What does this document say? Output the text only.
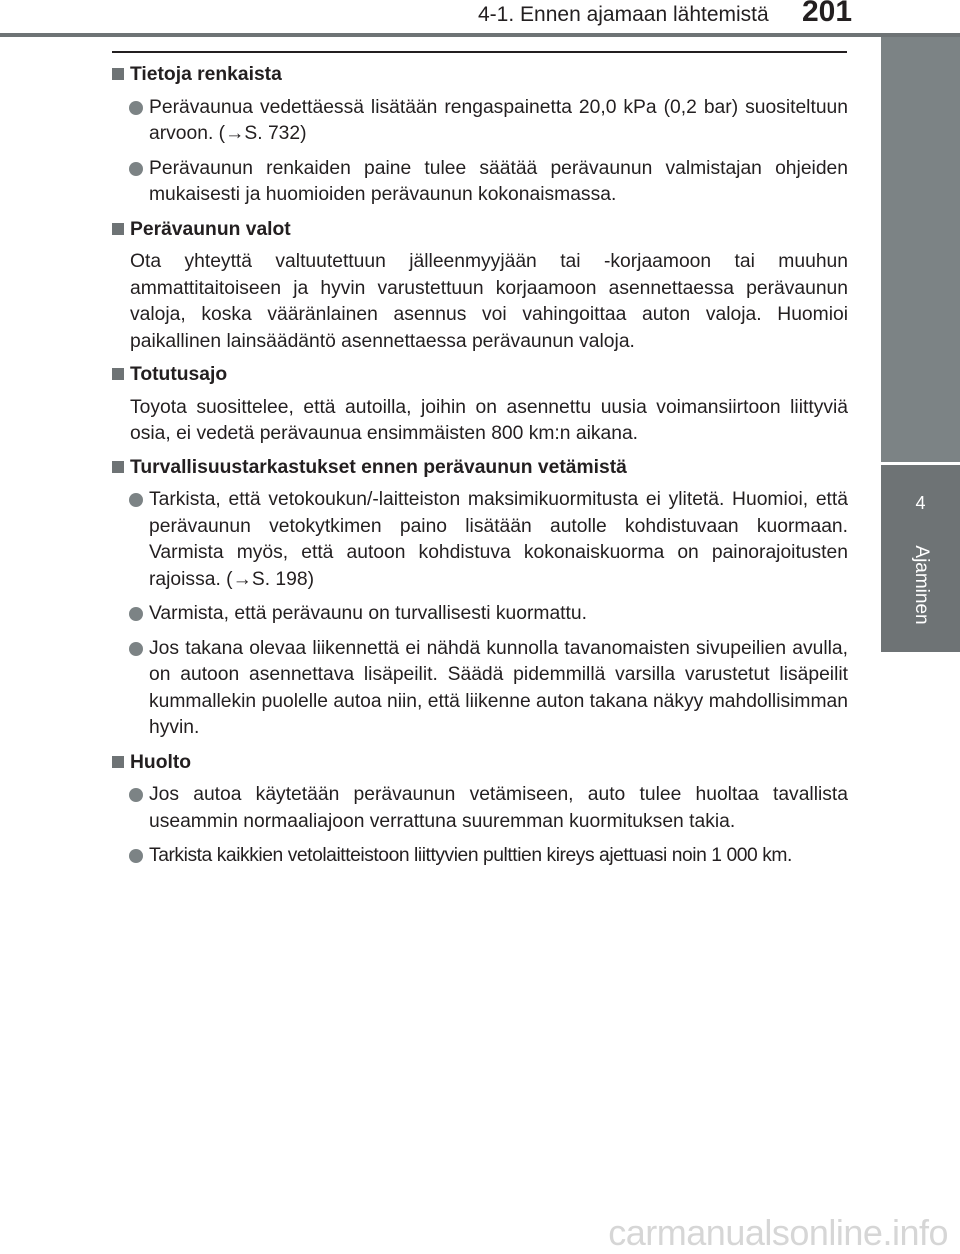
4-1. Ennen ajamaan lähtemistä 201
4
Ajaminen
Tietoja renkaista
Perävaunua vedettäessä lisätään rengaspainetta 20,0 kPa (0,2 bar) suositeltuun arvoon. (→S. 732)
Perävaunun renkaiden paine tulee säätää perävaunun valmistajan ohjeiden mukaisesti ja huomioiden perävaunun kokonaismassa.
Perävaunun valot
Ota yhteyttä valtuutettuun jälleenmyyjään tai -korjaamoon tai muuhun ammattitaitoiseen ja hyvin varustettuun korjaamoon asennettaessa perävaunun valoja, koska vääränlainen asennus voi vahingoittaa auton valoja. Huomioi paikallinen lainsäädäntö asennettaessa perävaunun valoja.
Totutusajo
Toyota suosittelee, että autoilla, joihin on asennettu uusia voimansiirtoon liittyviä osia, ei vedetä perävaunua ensimmäisten 800 km:n aikana.
Turvallisuustarkastukset ennen perävaunun vetämistä
Tarkista, että vetokoukun/-laitteiston maksimikuormitusta ei ylitetä. Huomioi, että perävaunun vetokytkimen paino lisätään autolle kohdistuvaan kuormaan. Varmista myös, että autoon kohdistuva kokonaiskuorma on painorajoitusten rajoissa. (→S. 198)
Varmista, että perävaunu on turvallisesti kuormattu.
Jos takana olevaa liikennettä ei nähdä kunnolla tavanomaisten sivupeilien avulla, on autoon asennettava lisäpeilit. Säädä pidemmillä varsilla varustetut lisäpeilit kummallekin puolelle autoa niin, että liikenne auton takana näkyy mahdollisimman hyvin.
Huolto
Jos autoa käytetään perävaunun vetämiseen, auto tulee huoltaa tavallista useammin normaaliajoon verrattuna suuremman kuormituksen takia.
Tarkista kaikkien vetolaitteistoon liittyvien pulttien kireys ajettuasi noin 1 000 km.
carmanualsonline.info
